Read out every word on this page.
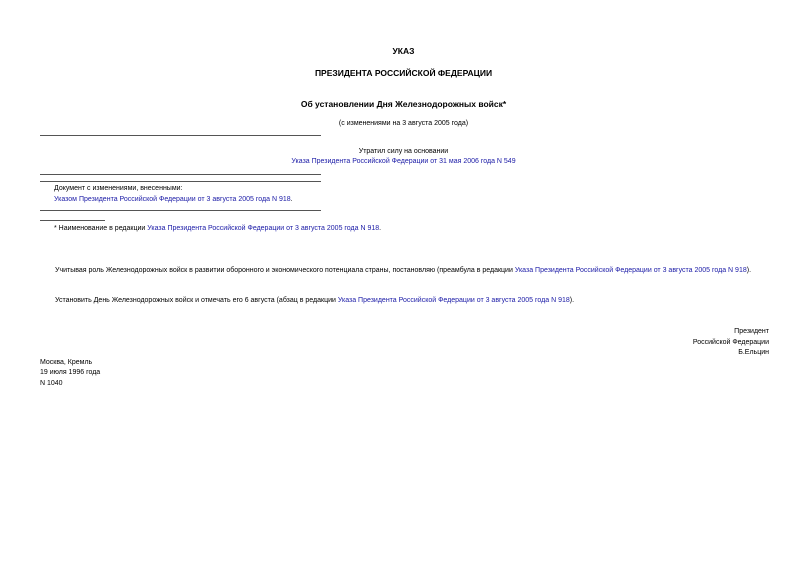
УКАЗ
ПРЕЗИДЕНТА РОССИЙСКОЙ ФЕДЕРАЦИИ
Об установлении Дня Железнодорожных войск*
(с изменениями на 3 августа 2005 года)
Утратил силу на основании
Указа Президента Российской Федерации от 31 мая 2006 года N 549
Документ с изменениями, внесенными:
Указом Президента Российской Федерации от 3 августа 2005 года N 918.
* Наименование в редакции Указа Президента Российской Федерации от 3 августа 2005 года N 918.
Учитывая роль Железнодорожных войск в развитии оборонного и экономического потенциала страны, постановляю (преамбула в редакции Указа Президента Российской Федерации от 3 августа 2005 года N 918).
Установить День Железнодорожных войск и отмечать его 6 августа (абзац в редакции Указа Президента Российской Федерации от 3 августа 2005 года N 918).
Президент
Российской Федерации
Б.Ельцин
Москва, Кремль
19 июля 1996 года
N 1040
